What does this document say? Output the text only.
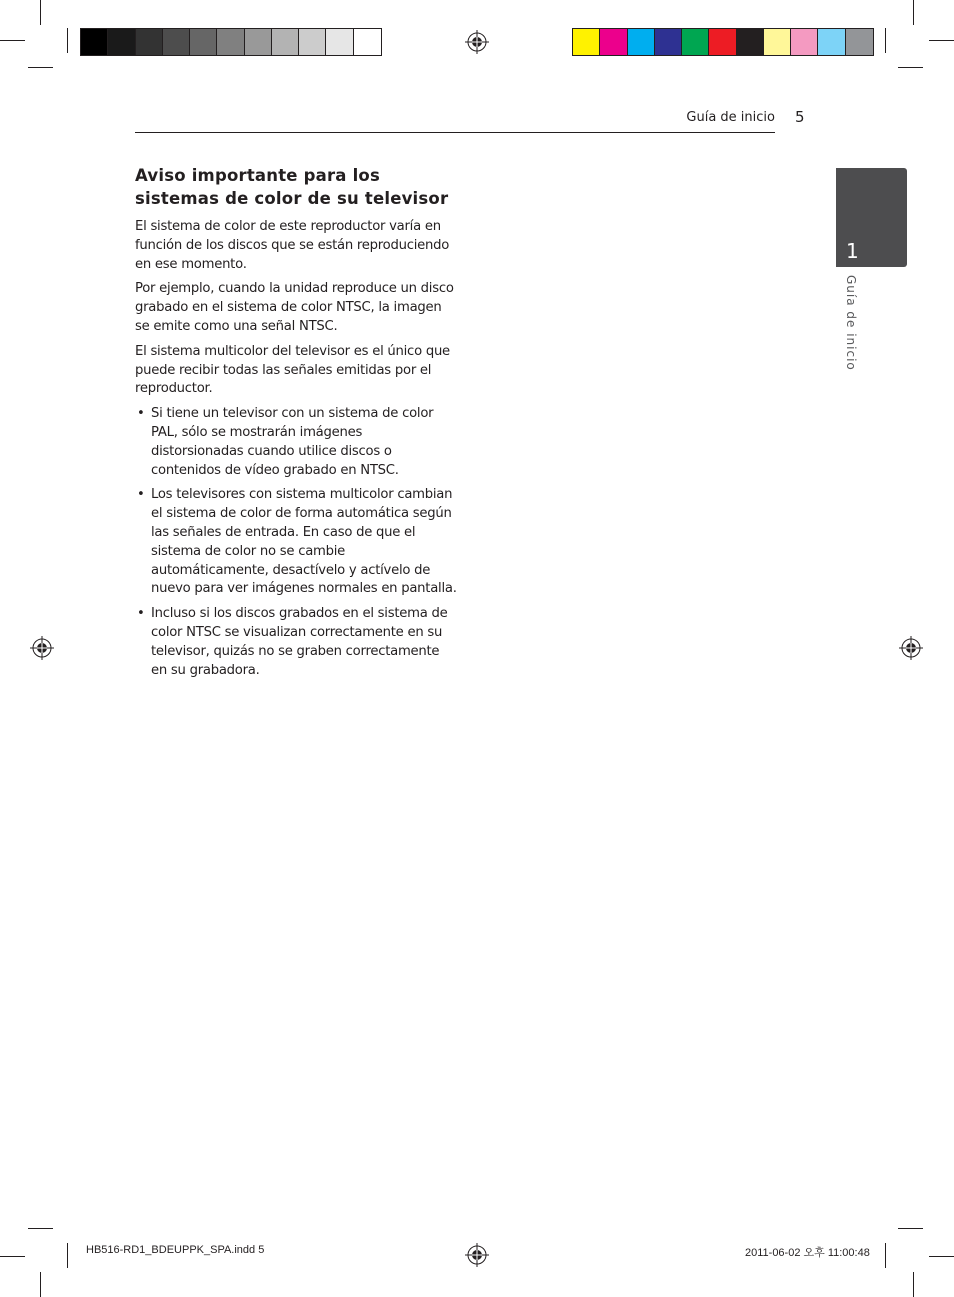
Guía de inicio 5
1
Guía de inicio
Aviso importante para los sistemas de color de su televisor

El sistema de color de este reproductor varía en función de los discos que se están reproduciendo en ese momento.

Por ejemplo, cuando la unidad reproduce un disco grabado en el sistema de color NTSC, la imagen se emite como una señal NTSC.

El sistema multicolor del televisor es el único que puede recibir todas las señales emitidas por el reproductor.

• Si tiene un televisor con un sistema de color PAL, sólo se mostrarán imágenes distorsionadas cuando utilice discos o contenidos de vídeo grabado en NTSC.
• Los televisores con sistema multicolor cambian el sistema de color de forma automática según las señales de entrada. En caso de que el sistema de color no se cambie automáticamente, desactívelo y actívelo de nuevo para ver imágenes normales en pantalla.
• Incluso si los discos grabados en el sistema de color NTSC se visualizan correctamente en su televisor, quizás no se graben correctamente en su grabadora.
HB516-RD1_BDEUPPK_SPA.indd 5	2011-06-02 오후 11:00:48
